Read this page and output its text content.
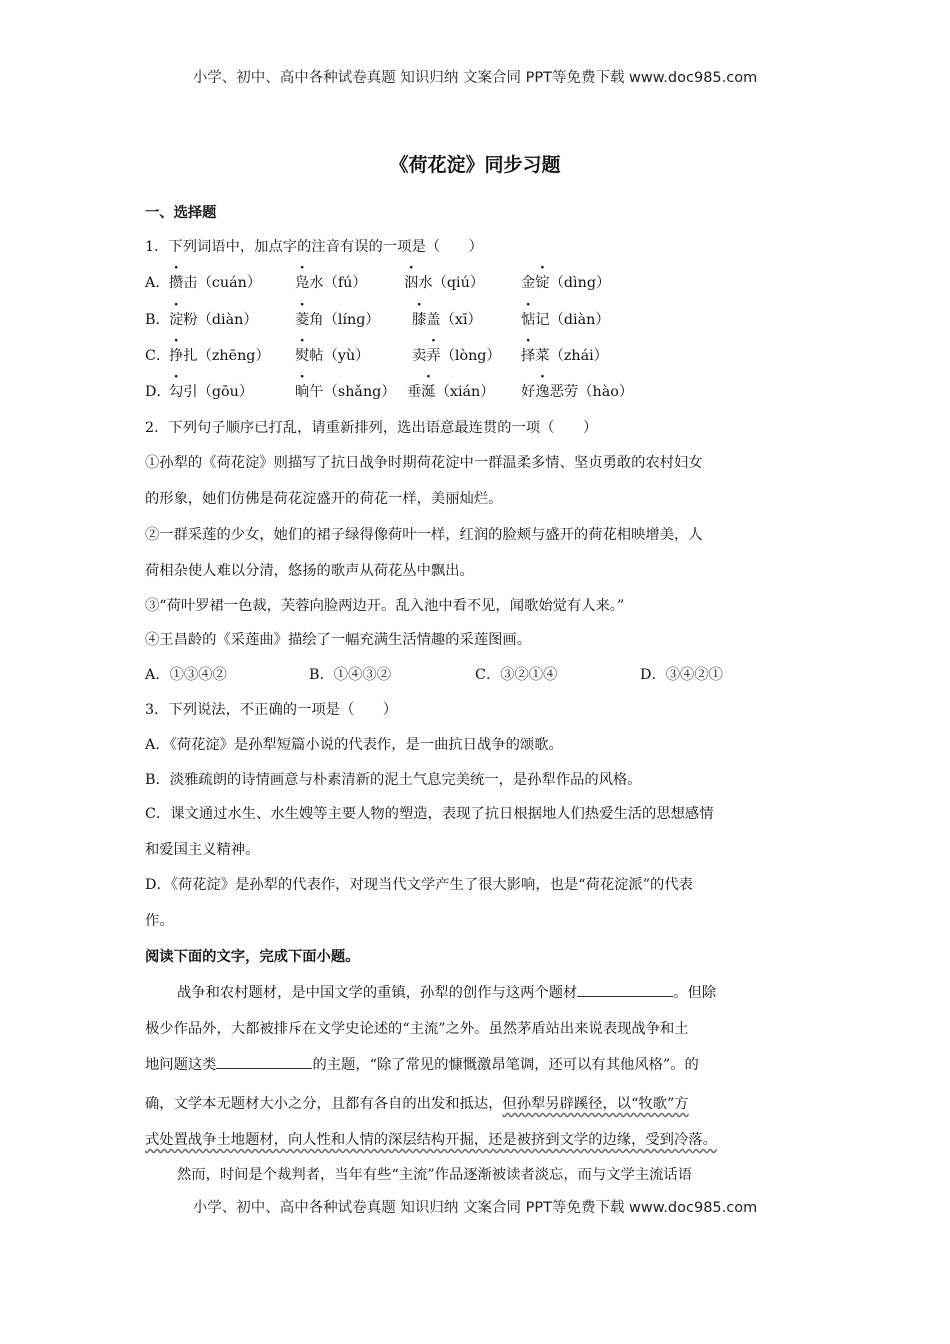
小学、初中、高中各种试卷真题 知识归纳 文案合同 PPT等免费下载 www.doc985.com
《荷花淀》同步习题
一、选择题
1．下列词语中，加点字的注音有误的一项是（　　）
A． 攒击（cuán） 凫水（fú）	泅水（qiú）	金锭（dìng）
B． 淀粉（diàn）	菱角（línɡ） 膝盖（xī）	惦记（diàn）
C．
挣扎（zhēng） 熨帖（yù）	卖弄（lòng） 择菜（zhái）
D．
勾引（gōu）	晌午（shǎng） 垂涎（xián） 好逸恶劳（hào）
2．下列句子顺序已打乱，请重新排列，选出语意最连贯的一项（　　）
①孙犁的《荷花淀》则描写了抗日战争时期荷花淀中一群温柔多情、坚贞勇敢的农村妇女
的形象，她们仿佛是荷花淀盛开的荷花一样，美丽灿烂。
②一群采莲的少女，她们的裙子绿得像荷叶一样，红润的脸颊与盛开的荷花相映增美，人
荷相杂使人难以分清，悠扬的歌声从荷花丛中飘出。
③“荷叶罗裙一色裁，芙蓉向脸两边开。乱入池中看不见，闻歌始觉有人来。”
④王昌龄的《采莲曲》描绘了一幅充满生活情趣的采莲图画。
A．①③④②	B．①④③②	C．③②①④	D．③④②①
3．下列说法，不正确的一项是（　　）
A．《荷花淀》是孙犁短篇小说的代表作，是一曲抗日战争的颂歌。
B．淡雅疏朗的诗情画意与朴素清新的泥土气息完美统一，是孙犁作品的风格。
C．课文通过水生、水生嫂等主要人物的塑造，表现了抗日根据地人们热爱生活的思想感情
和爱国主义精神。
D．《荷花淀》是孙犁的代表作，对现当代文学产生了很大影响，也是“荷花淀派”的代表
作。
阅读下面的文字，完成下面小题。
战争和农村题材，是中国文学的重镇，孙犁的创作与这两个题材	。但除
极少作品外，大都被排斥在文学史论述的“主流”之外。虽然茅盾站出来说表现战争和土
地问题这类	的主题，“除了常见的慷慨激昂笔调，还可以有其他风格”。的
确，文学本无题材大小之分，且都有各自的出发和抵达，但孙犁另辟蹊径，以“牧歌”方
式处置战争土地题材，向人性和人情的深层结构开掘，还是被挤到文学的边缘，受到冷落。
然而，时间是个裁判者，当年有些“主流”作品逐渐被读者淡忘，而与文学主流话语
小学、初中、高中各种试卷真题 知识归纳 文案合同 PPT等免费下载 www.doc985.com
